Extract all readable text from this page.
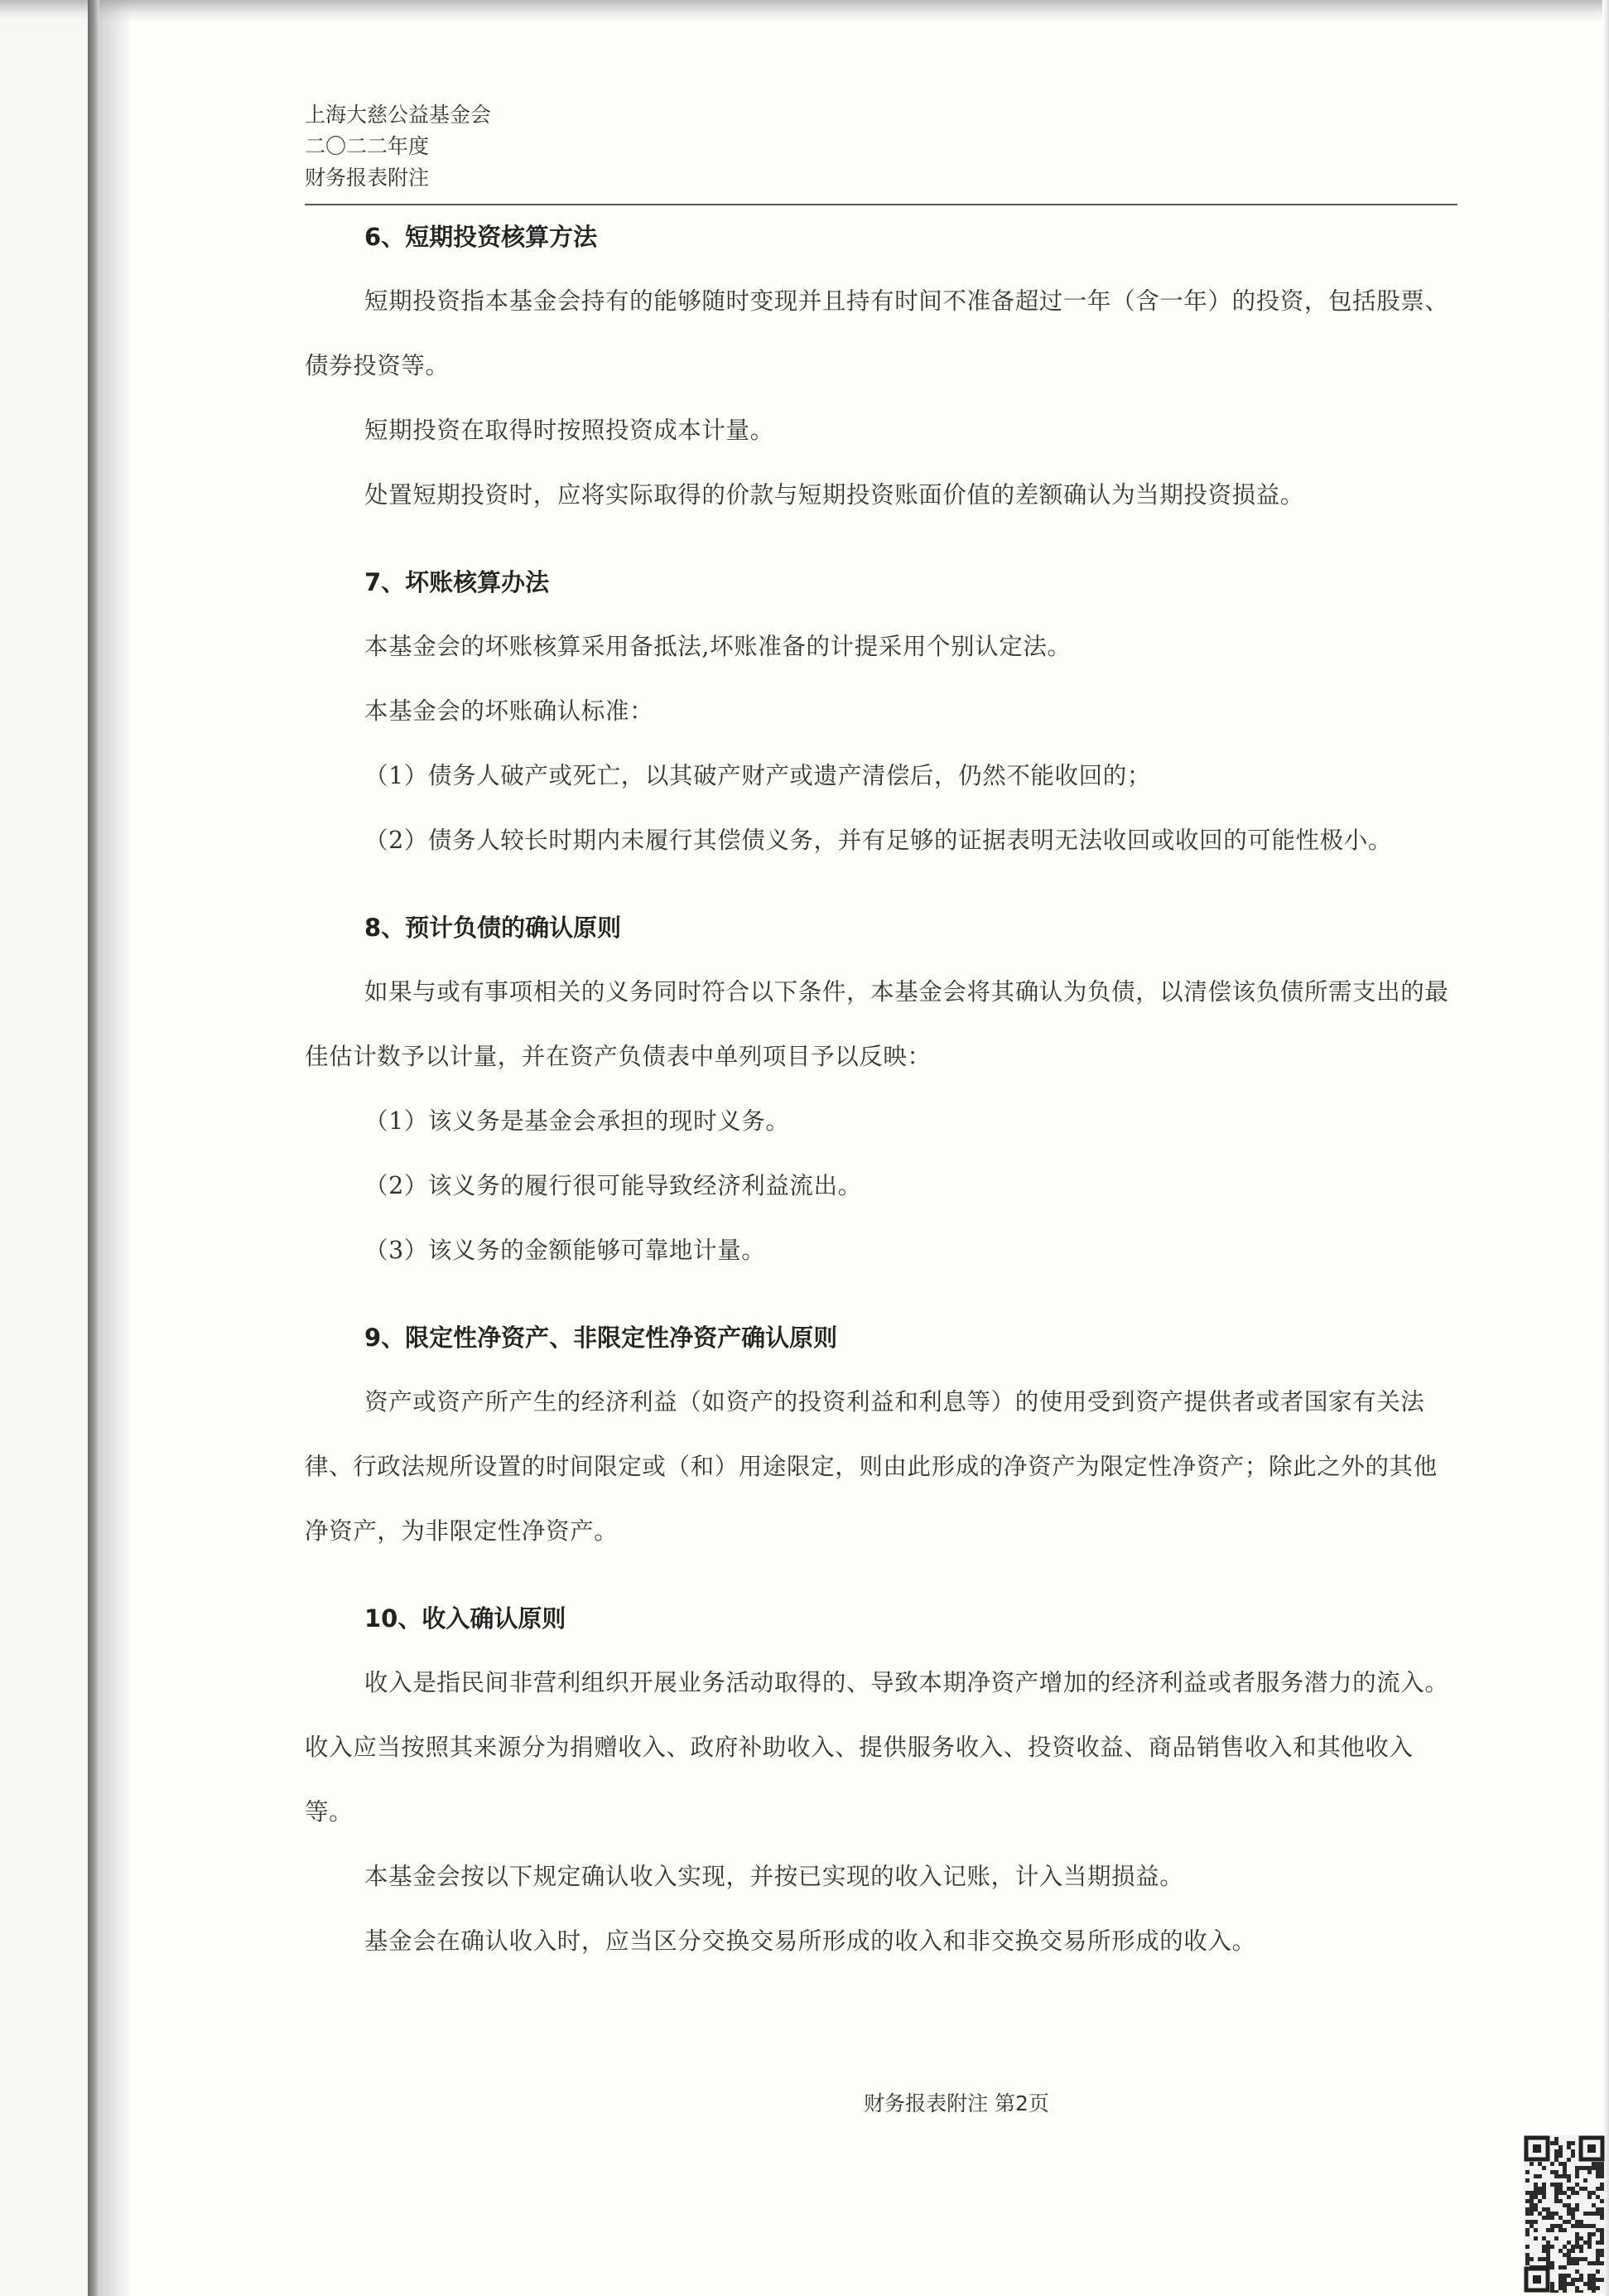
上海大慈公益基金会
二〇二二年度
财务报表附注
6、短期投资核算方法

短期投资指本基金会持有的能够随时变现并且持有时间不准备超过一年（含一年）的投资，包括股票、债券投资等。

短期投资在取得时按照投资成本计量。

处置短期投资时，应将实际取得的价款与短期投资账面价值的差额确认为当期投资损益。

7、坏账核算办法

本基金会的坏账核算采用备抵法,坏账准备的计提采用个别认定法。

本基金会的坏账确认标准：

（1）债务人破产或死亡，以其破产财产或遗产清偿后，仍然不能收回的；

（2）债务人较长时期内未履行其偿债义务，并有足够的证据表明无法收回或收回的可能性极小。

8、预计负债的确认原则

如果与或有事项相关的义务同时符合以下条件，本基金会将其确认为负债，以清偿该负债所需支出的最佳估计数予以计量，并在资产负债表中单列项目予以反映：

（1）该义务是基金会承担的现时义务。

（2）该义务的履行很可能导致经济利益流出。

（3）该义务的金额能够可靠地计量。

9、限定性净资产、非限定性净资产确认原则

资产或资产所产生的经济利益（如资产的投资利益和利息等）的使用受到资产提供者或者国家有关法律、行政法规所设置的时间限定或（和）用途限定，则由此形成的净资产为限定性净资产；除此之外的其他净资产，为非限定性净资产。

10、收入确认原则

收入是指民间非营利组织开展业务活动取得的、导致本期净资产增加的经济利益或者服务潜力的流入。收入应当按照其来源分为捐赠收入、政府补助收入、提供服务收入、投资收益、商品销售收入和其他收入等。

本基金会按以下规定确认收入实现，并按已实现的收入记账，计入当期损益。

基金会在确认收入时，应当区分交换交易所形成的收入和非交换交易所形成的收入。

财务报表附注 第2页
